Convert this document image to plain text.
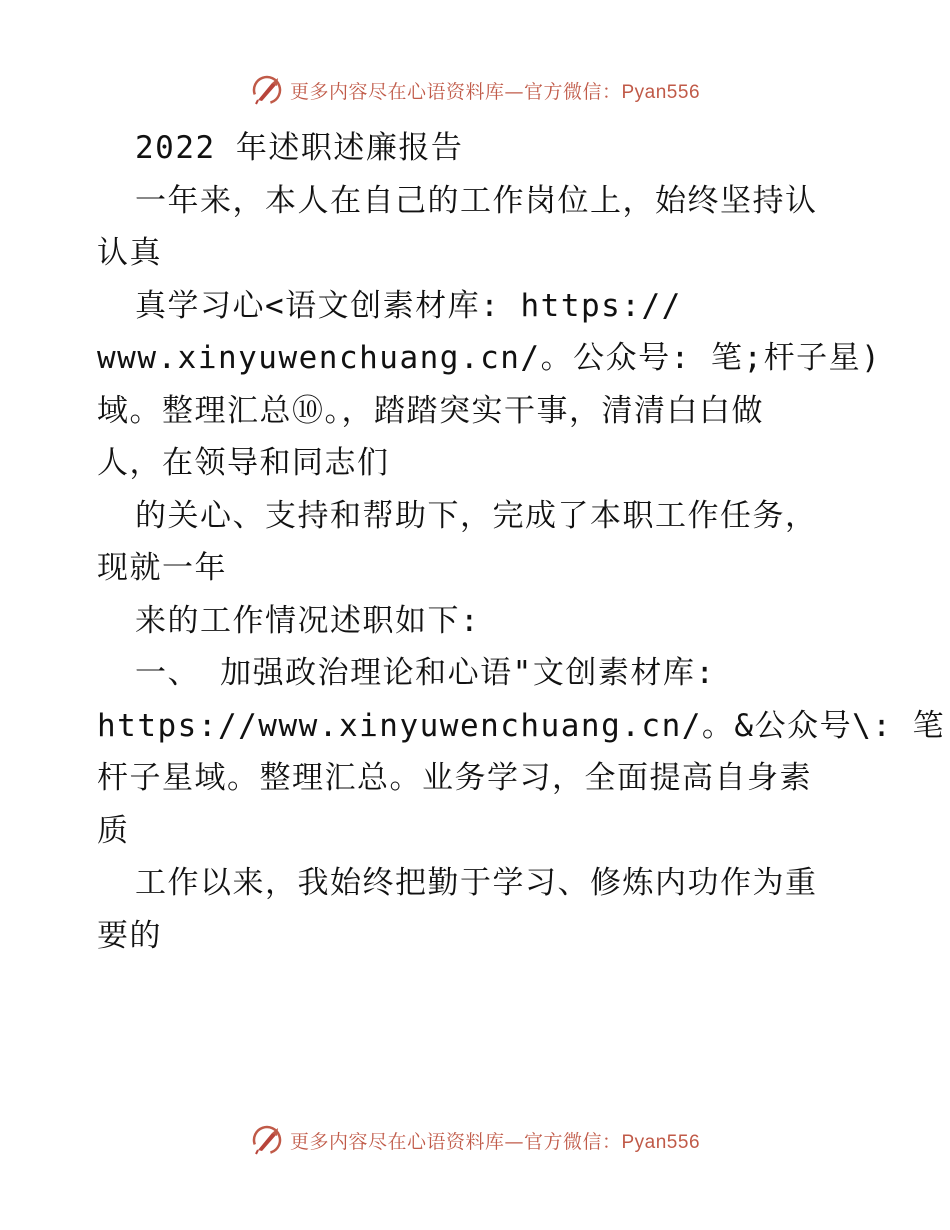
更多内容尽在心语资料库—官方微信：Pyan556
2022 年述职述廉报告
一年来，本人在自己的工作岗位上，始终坚持认
认真
真学习心<语文创素材库: https://
www.xinyuwenchuang.cn/。公众号: 笔;杆子星)
域。整理汇总⑩。，踏踏突实干事，清清白白做
人，在领导和同志们
的关心、支持和帮助下，完成了本职工作任务，
现就一年
来的工作情况述职如下:
一、 加强政治理论和心语"文创素材库:
https://www.xinyuwenchuang.cn/。&公众号\: 笔
杆子星域。整理汇总。业务学习，全面提高自身素
质
工作以来，我始终把勤于学习、修炼内功作为重
要的
更多内容尽在心语资料库—官方微信：Pyan556
